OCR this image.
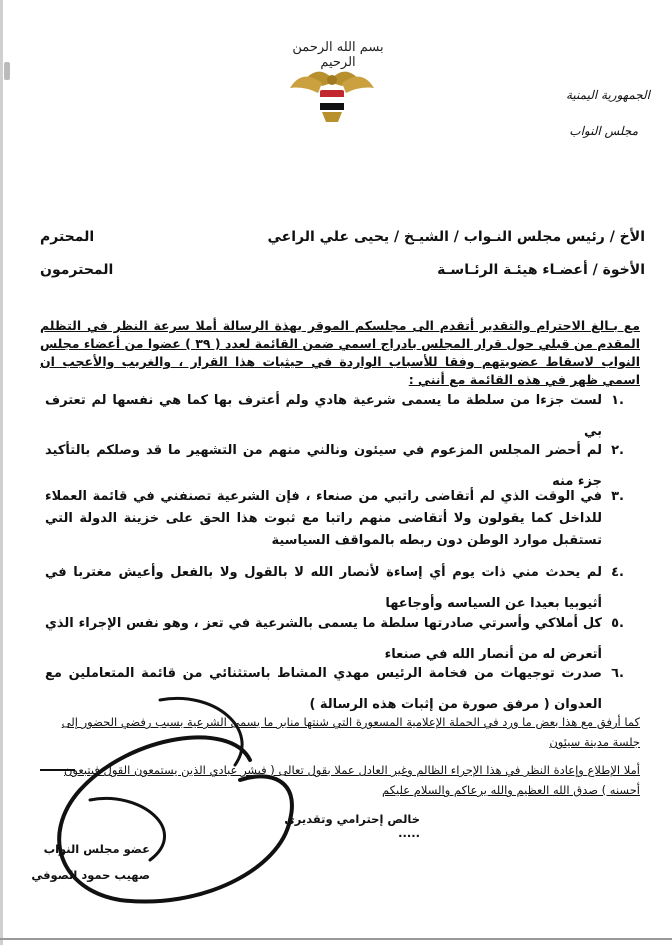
بسم الله الرحمن الرحيم
الجمهورية اليمنية
مجلس النواب
الأخ / رئيس مجلس النـواب / الشيـخ / يحيى علي الراعي
المحترم
الأخوة / أعضـاء هيئـة الرئـاسـة
المحترمون
مع بـالغ الاحترام والتقدير أتقدم الى مجلسكم الموقر بهذة الرسالة أملا سرعة النظر في التظلم المقدم من قبلي حول قرار المجلس بادراج اسمي ضمن القائمة لعدد ( ٣٩ ) عضوا من أعضاء مجلس النواب لاسقاط عضويتهم وفقا للأسباب الواردة في حيثيات هذا القرار ، والغريب والأعجب ان اسمي ظهر في هذه القائمة مع أنني :
.١
لست جزءا من سلطة ما يسمى شرعية هادي ولم أعترف بها كما هي نفسها لم تعترف بي
.٢
لم أحضر المجلس المزعوم في سيئون ونالني منهم من التشهير ما قد وصلكم بالتأكيد جزء منه
.٣
في الوقت الذي لم أتقاضى راتبي من صنعاء ، فإن الشرعية تصنفني في قائمة العملاء للداخل كما يقولون ولا أتقاضى منهم راتبا مع ثبوت هذا الحق على خزينة الدولة التي تستقبل موارد الوطن دون ربطه بالمواقف السياسية
.٤
لم يحدث مني ذات يوم أي إساءة لأنصار الله لا بالقول ولا بالفعل وأعيش مغتربا في أثيوبيا بعيدا عن السياسه وأوجاعها
.٥
كل أملاكي وأسرتي صادرتها سلطة ما يسمى بالشرعية في تعز ، وهو نفس الإجراء الذي أتعرض له من أنصار الله في صنعاء
.٦
صدرت توجيهات من فخامة الرئيس مهدي المشاط باستثنائي من قائمة المتعاملين مع العدوان ( مرفق صورة من إثبات هذه الرسالة )
كما أرفق مع هذا بعض ما ورد في الحملة الإعلامية المسعورة التي شنتها منابر ما يسمى الشرعية بسبب رفضي الحضور إلى جلسة مدينة سيئون
أملا الإطلاع وإعادة النظر في هذا الإجراء الظالم وغير العادل عملا بقول تعالى ( فبشر عبادي الذين يستمعون القول فيتبعون أحسنه ) صدق الله العظيم والله يرعاكم والسلام عليكم
خالص إحترامي وتقديري .....
عضو مجلس النواب
صهيب حمود الصوفي
